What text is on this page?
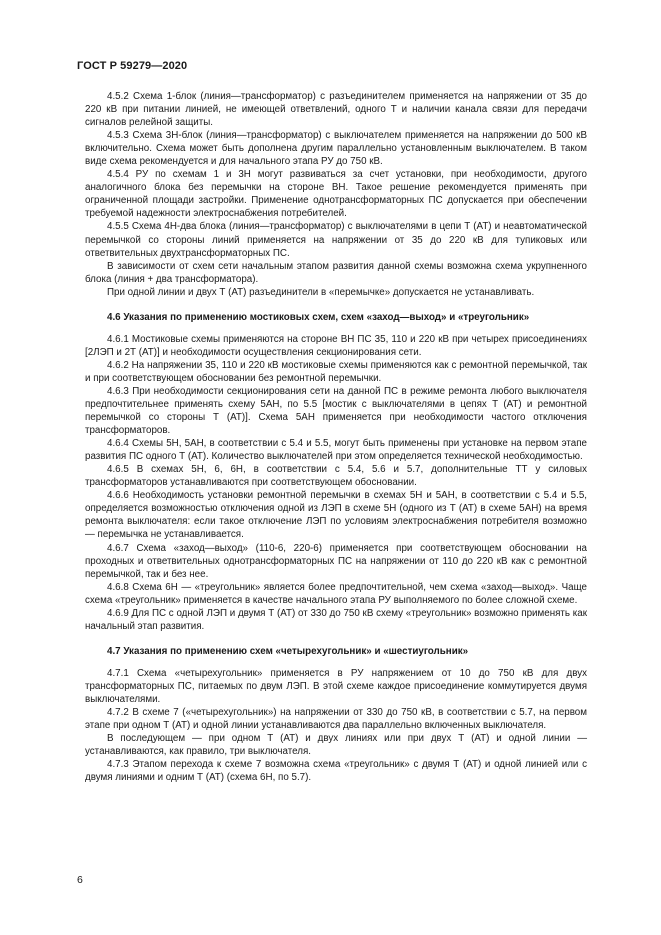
ГОСТ Р 59279—2020

4.5.2 Схема 1-блок (линия—трансформатор) с разъединителем применяется на напряжении от 35 до 220 кВ при питании линией, не имеющей ответвлений, одного Т и наличии канала связи для передачи сигналов релейной защиты.

4.5.3 Схема 3Н-блок (линия—трансформатор) с выключателем применяется на напряжении до 500 кВ включительно. Схема может быть дополнена другим параллельно установленным выключателем. В таком виде схема рекомендуется и для начального этапа РУ до 750 кВ.

4.5.4 РУ по схемам 1 и 3Н могут развиваться за счет установки, при необходимости, другого аналогичного блока без перемычки на стороне ВН. Такое решение рекомендуется применять при ограниченной площади застройки. Применение однотрансформаторных ПС допускается при обеспечении требуемой надежности электроснабжения потребителей.

4.5.5 Схема 4Н-два блока (линия—трансформатор) с выключателями в цепи Т (АТ) и неавтоматической перемычкой со стороны линий применяется на напряжении от 35 до 220 кВ для тупиковых или ответвительных двухтрансформаторных ПС.

В зависимости от схем сети начальным этапом развития данной схемы возможна схема укрупненного блока (линия + два трансформатора).

При одной линии и двух Т (АТ) разъединители в «перемычке» допускается не устанавливать.

4.6 Указания по применению мостиковых схем, схем «заход—выход» и «треугольник»

4.6.1 Мостиковые схемы применяются на стороне ВН ПС 35, 110 и 220 кВ при четырех присоединениях [2ЛЭП и 2Т (АТ)] и необходимости осуществления секционирования сети.

4.6.2 На напряжении 35, 110 и 220 кВ мостиковые схемы применяются как с ремонтной перемычкой, так и при соответствующем обосновании без ремонтной перемычки.

4.6.3 При необходимости секционирования сети на данной ПС в режиме ремонта любого выключателя предпочтительнее применять схему 5АН, по 5.5 [мостик с выключателями в цепях Т (АТ) и ремонтной перемычкой со стороны Т (АТ)]. Схема 5АН применяется при необходимости частого отключения трансформаторов.

4.6.4 Схемы 5Н, 5АН, в соответствии с 5.4 и 5.5, могут быть применены при установке на первом этапе развития ПС одного Т (АТ). Количество выключателей при этом определяется технической необходимостью.

4.6.5 В схемах 5Н, 6, 6Н, в соответствии с 5.4, 5.6 и 5.7, дополнительные ТТ у силовых трансформаторов устанавливаются при соответствующем обосновании.

4.6.6 Необходимость установки ремонтной перемычки в схемах 5Н и 5АН, в соответствии с 5.4 и 5.5, определяется возможностью отключения одной из ЛЭП в схеме 5Н (одного из Т (АТ) в схеме 5АН) на время ремонта выключателя: если такое отключение ЛЭП по условиям электроснабжения потребителя возможно — перемычка не устанавливается.

4.6.7 Схема «заход—выход» (110-6, 220-6) применяется при соответствующем обосновании на проходных и ответвительных однотрансформаторных ПС на напряжении от 110 до 220 кВ как с ремонтной перемычкой, так и без нее.

4.6.8 Схема 6Н — «треугольник» является более предпочтительной, чем схема «заход—выход». Чаще схема «треугольник» применяется в качестве начального этапа РУ выполняемого по более сложной схеме.

4.6.9 Для ПС с одной ЛЭП и двумя Т (АТ) от 330 до 750 кВ схему «треугольник» возможно применять как начальный этап развития.

4.7 Указания по применению схем «четырехугольник» и «шестиугольник»

4.7.1 Схема «четырехугольник» применяется в РУ напряжением от 10 до 750 кВ для двух трансформаторных ПС, питаемых по двум ЛЭП. В этой схеме каждое присоединение коммутируется двумя выключателями.

4.7.2 В схеме 7 («четырехугольник») на напряжении от 330 до 750 кВ, в соответствии с 5.7, на первом этапе при одном Т (АТ) и одной линии устанавливаются два параллельно включенных выключателя.

В последующем — при одном Т (АТ) и двух линиях или при двух Т (АТ) и одной линии — устанавливаются, как правило, три выключателя.

4.7.3 Этапом перехода к схеме 7 возможна схема «треугольник» с двумя Т (АТ) и одной линией или с двумя линиями и одним Т (АТ) (схема 6Н, по 5.7).

6
